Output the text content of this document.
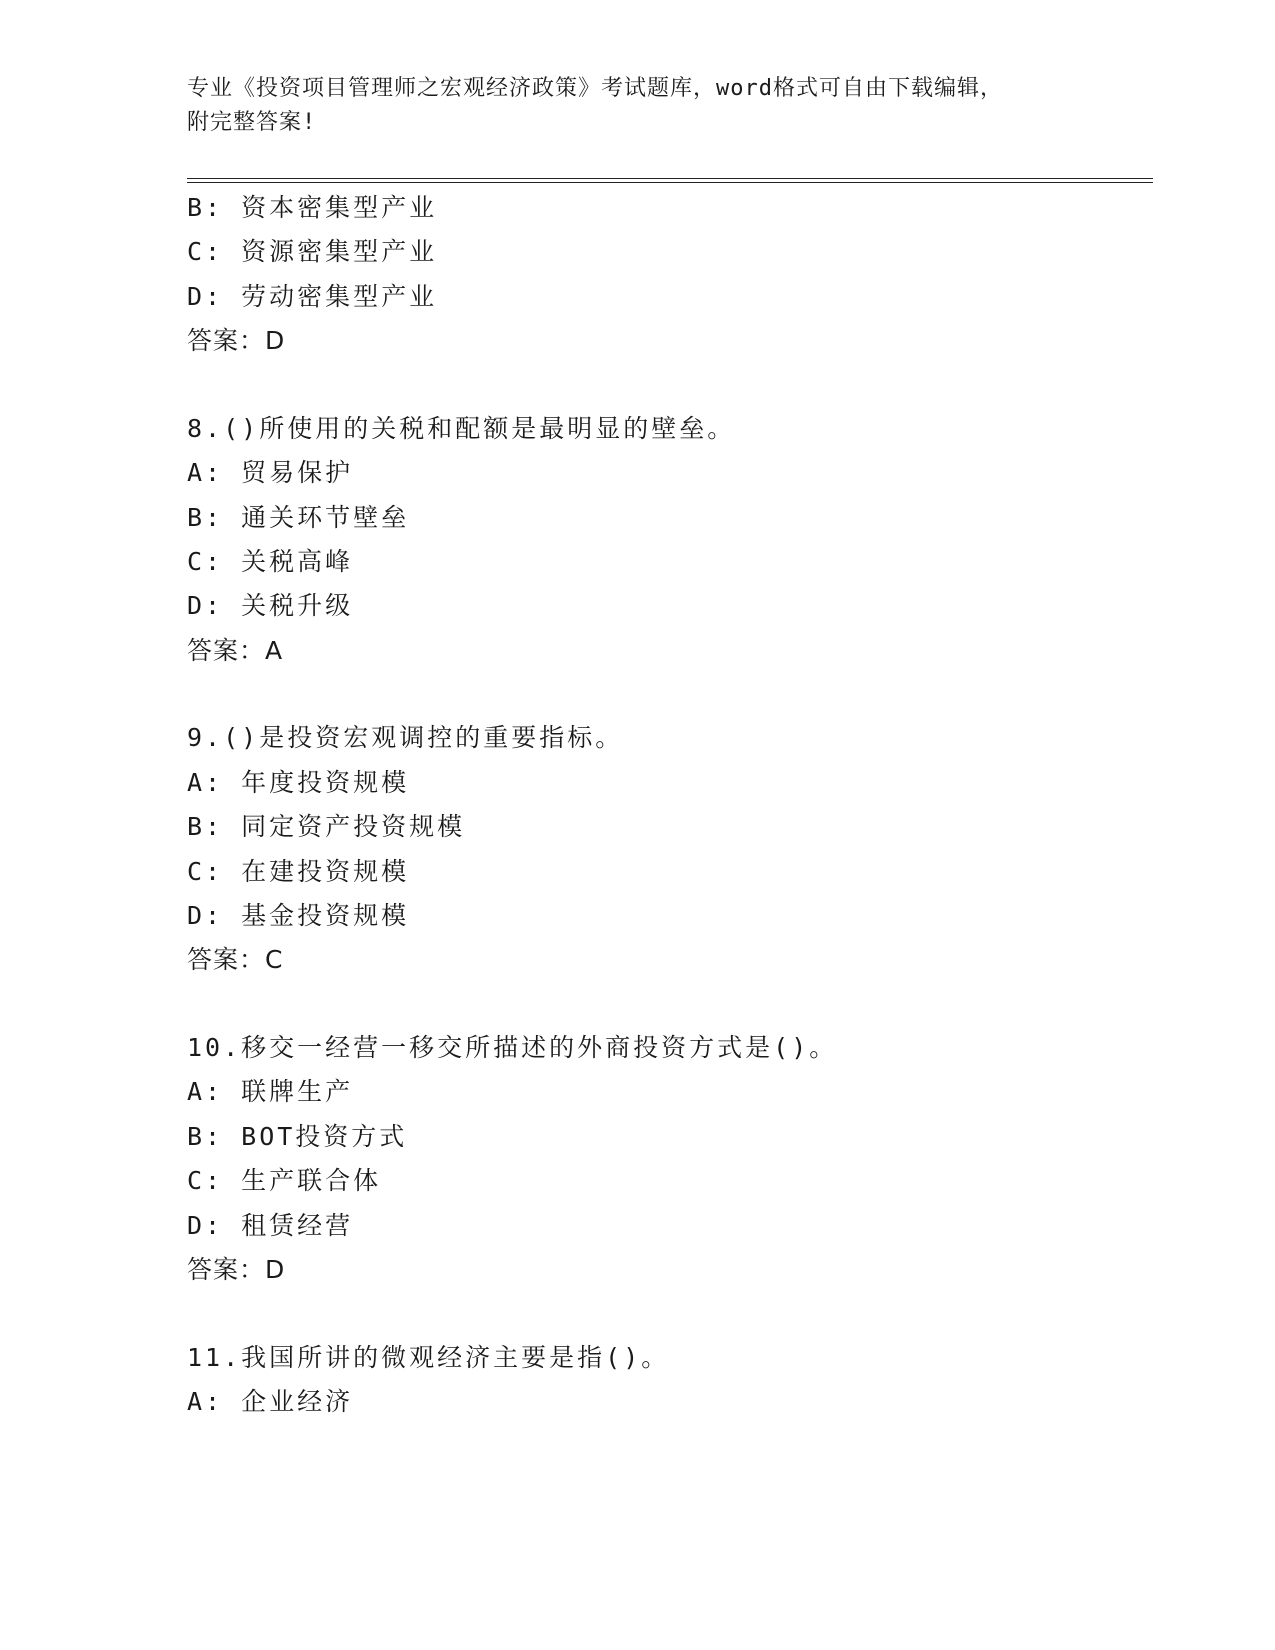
专业《投资项目管理师之宏观经济政策》考试题库，word格式可自由下载编辑，
附完整答案!
B: 资本密集型产业
C: 资源密集型产业
D: 劳动密集型产业
答案：D
8.()所使用的关税和配额是最明显的壁垒。
A: 贸易保护
B: 通关环节壁垒
C: 关税高峰
D: 关税升级
答案：A
9.()是投资宏观调控的重要指标。
A: 年度投资规模
B: 同定资产投资规模
C: 在建投资规模
D: 基金投资规模
答案：C
10.移交一经营一移交所描述的外商投资方式是()。
A: 联牌生产
B: BOT投资方式
C: 生产联合体
D: 租赁经营
答案：D
11.我国所讲的微观经济主要是指()。
A: 企业经济
